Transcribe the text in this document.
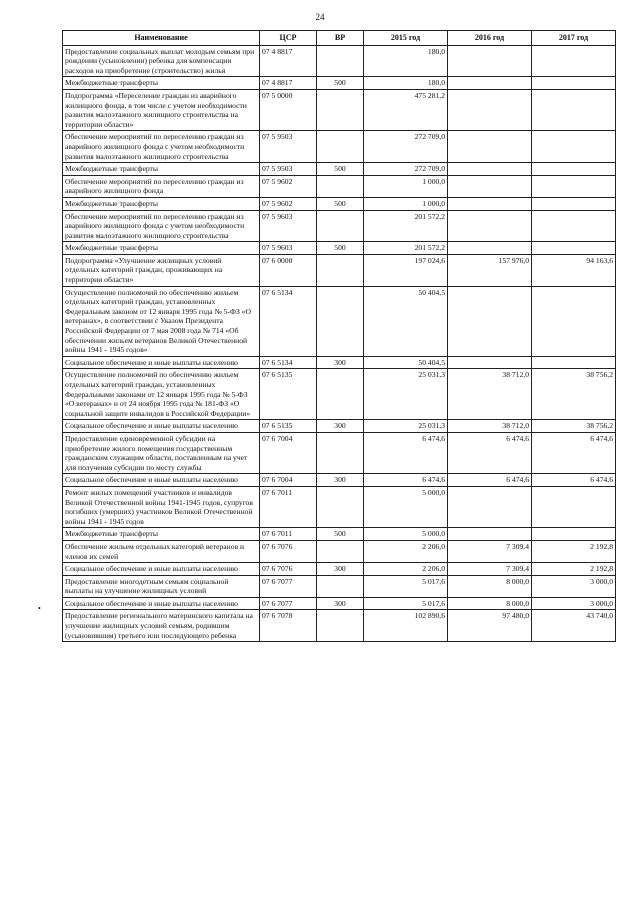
24
Наименование	ЦСР	ВР	2015 год	2016 год	2017 год
Предоставление социальных выплат молодым семьям при рождении (усыновлении) ребенка для компенсации расходов на приобретение (строительство) жилья	07 4 8817		180,0		
Межбюджетные трансферты	07 4 8817	500	180,0		
Подпрограмма «Переселение граждан из аварийного жилищного фонда, в том числе с учетом необходимости развития малоэтажного жилищного строительства на территории области»	07 5 0000		475 281,2		
Обеспечение мероприятий по переселению граждан из аварийного жилищного фонда с учетом необходимости развития малоэтажного жилищного строительства	07 5 9503		272 709,0		
Межбюджетные трансферты	07 5 9503	500	272 709,0		
Обеспечение мероприятий по переселению граждан из аварийного жилищного фонда	07 5 9602		1 000,0		
Межбюджетные трансферты	07 5 9602	500	1 000,0		
Обеспечение мероприятий по переселению граждан из аварийного жилищного фонда с учетом необходимости развития малоэтажного жилищного строительства	07 5 9603		201 572,2		
Межбюджетные трансферты	07 5 9603	500	201 572,2		
Подпрограмма «Улучшение жилищных условий отдельных категорий граждан, проживающих на территории области»	07 6 0000		197 024,6	157 976,0	94 163,6
Осуществление полномочий по обеспечению жильем отдельных категорий граждан, установленных Федеральным законом от 12 января 1995 года № 5-ФЗ «О ветеранах», в соответствии с Указом Президента Российской Федерации от 7 мая 2008 года № 714 «Об обеспечении жильем ветеранов Великой Отечественной войны 1941 - 1945 годов»	07 6 5134		50 404,5		
Социальное обеспечение и иные выплаты населению	07 6 5134	300	50 404,5		
Осуществление полномочий по обеспечению жильем отдельных категорий граждан, установленных Федеральными законами от 12 января 1995 года № 5-ФЗ «О ветеранах» и от 24 ноября 1995 года № 181-ФЗ «О социальной защите инвалидов в Российской Федерации»	07 6 5135		25 031,3	38 712,0	38 756,2
Социальное обеспечение и иные выплаты населению	07 6 5135	300	25 031,3	38 712,0	38 756,2
Предоставление единовременной субсидии на приобретение жилого помещения государственным гражданским служащим области, поставленным на учет для получения субсидии по месту службы	07 6 7004		6 474,6	6 474,6	6 474,6
Социальное обеспечение и иные выплаты населению	07 6 7004	300	6 474,6	6 474,6	6 474,6
Ремонт жилых помещений участников и инвалидов Великой Отечественной войны 1941-1945 годов, супругов погибших (умерших) участников Великой Отечественной войны 1941 - 1945 годов	07 6 7011		5 000,0		
Межбюджетные трансферты	07 6 7011	500	5 000,0		
Обеспечение жильем отдельных категорий ветеранов и членов их семей	07 6 7076		2 206,0	7 309,4	2 192,8
Социальное обеспечение и иные выплаты населению	07 6 7076	300	2 206,0	7 309,4	2 192,8
Предоставление многодетным семьям социальной выплаты на улучшение жилищных условий	07 6 7077		5 017,6	8 000,0	3 000,0
Социальное обеспечение и иные выплаты населению	07 6 7077	300	5 017,6	8 000,0	3 000,0
Предоставление регионального материнского капитала на улучшение жилищных условий семьям, родившим (усыновившим) третьего или последующего ребенка	07 6 7078		102 890,6	97 480,0	43 740,0
•
